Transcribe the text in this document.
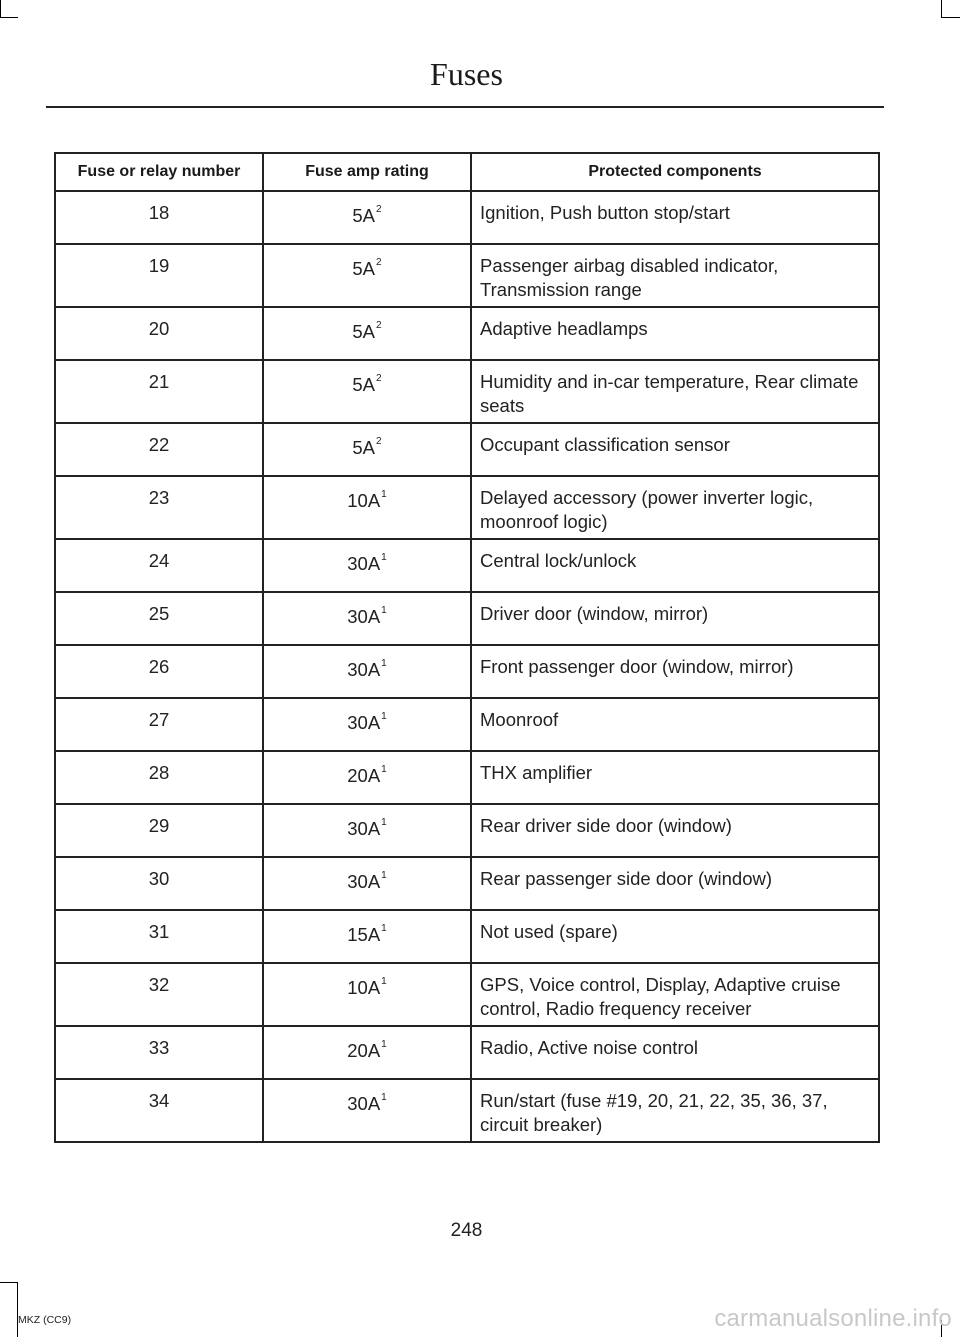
Fuses
Fuse or relay number	Fuse amp rating	Protected components
18	$5A^2$	Ignition, Push button stop/start
19	$5A^2$	Passenger airbag disabled indicator, Transmission range
20	$5A^2$	Adaptive headlamps
21	$5A^2$	Humidity and in-car temperature, Rear climate seats
22	$5A^2$	Occupant classification sensor
23	$10A^1$	Delayed accessory (power inverter logic, moonroof logic)
24	$30A^1$	Central lock/unlock
25	$30A^1$	Driver door (window, mirror)
26	$30A^1$	Front passenger door (window, mirror)
27	$30A^1$	Moonroof
28	$20A^1$	THX amplifier
29	$30A^1$	Rear driver side door (window)
30	$30A^1$	Rear passenger side door (window)
31	$15A^1$	Not used (spare)
32	$10A^1$	GPS, Voice control, Display, Adaptive cruise control, Radio frequency receiver
33	$20A^1$	Radio, Active noise control
34	$30A^1$	Run/start (fuse #19, 20, 21, 22, 35, 36, 37, circuit breaker)
248
MKZ (CC9)	carmanualsonline.info
